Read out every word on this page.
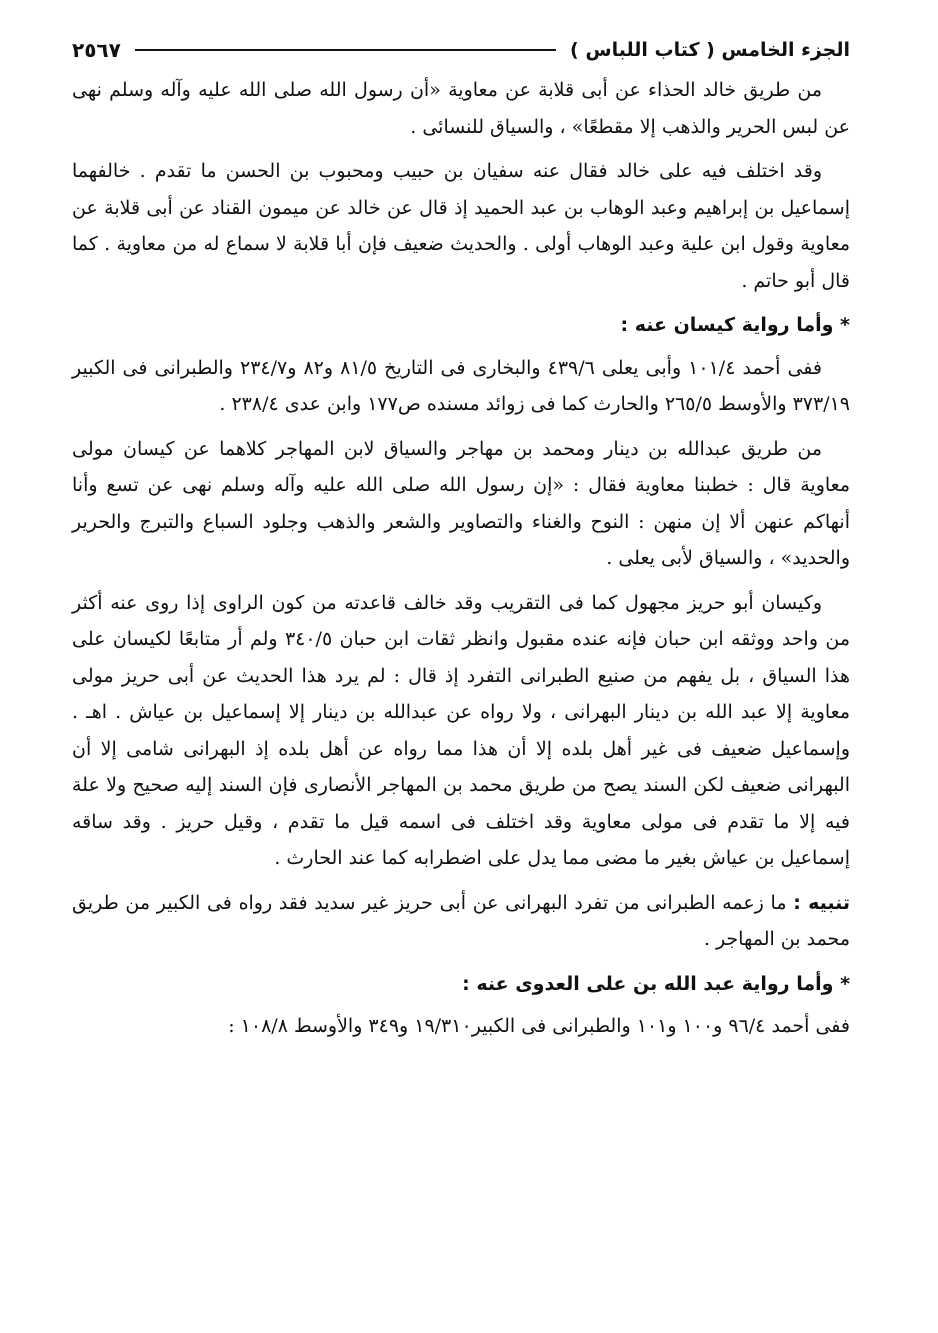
الجزء الخامس ( كتاب اللباس )
٢٥٦٧

من طريق خالد الحذاء عن أبى قلابة عن معاوية «أن رسول الله صلى الله عليه وآله وسلم نهى عن لبس الحرير والذهب إلا مقطعًا» ، والسياق للنسائى .

وقد اختلف فيه على خالد فقال عنه سفيان بن حبيب ومحبوب بن الحسن ما تقدم . خالفهما إسماعيل بن إبراهيم وعبد الوهاب بن عبد الحميد إذ قال عن خالد عن ميمون القناد عن أبى قلابة عن معاوية وقول ابن علية وعبد الوهاب أولى . والحديث ضعيف فإن أبا قلابة لا سماع له من معاوية . كما قال أبو حاتم .

* وأما رواية كيسان عنه :

ففى أحمد ١٠١/٤ وأبى يعلى ٤٣٩/٦ والبخارى فى التاريخ ٨١/٥ و٨٢ و٢٣٤/٧ والطبرانى فى الكبير ٣٧٣/١٩ والأوسط ٢٦٥/٥ والحارث كما فى زوائد مسنده ص١٧٧ وابن عدى ٢٣٨/٤ .

من طريق عبدالله بن دينار ومحمد بن مهاجر والسياق لابن المهاجر كلاهما عن كيسان مولى معاوية قال : خطبنا معاوية فقال : «إن رسول الله صلى الله عليه وآله وسلم نهى عن تسع وأنا أنهاكم عنهن ألا إن منهن : النوح والغناء والتصاوير والشعر والذهب وجلود السباع والتبرج والحرير والحديد» ، والسياق لأبى يعلى .

وكيسان أبو حريز مجهول كما فى التقريب وقد خالف قاعدته من كون الراوى إذا روى عنه أكثر من واحد ووثقه ابن حبان فإنه عنده مقبول وانظر ثقات ابن حبان ٣٤٠/٥ ولم أر متابعًا لكيسان على هذا السياق ، بل يفهم من صنيع الطبرانى التفرد إذ قال : لم يرد هذا الحديث عن أبى حريز مولى معاوية إلا عبد الله بن دينار البهرانى ، ولا رواه عن عبدالله بن دينار إلا إسماعيل بن عياش . اهـ . وإسماعيل ضعيف فى غير أهل بلده إلا أن هذا مما رواه عن أهل بلده إذ البهرانى شامى إلا أن البهرانى ضعيف لكن السند يصح من طريق محمد بن المهاجر الأنصارى فإن السند إليه صحيح ولا علة فيه إلا ما تقدم فى مولى معاوية وقد اختلف فى اسمه قيل ما تقدم ، وقيل حريز . وقد ساقه إسماعيل بن عياش بغير ما مضى مما يدل على اضطرابه كما عند الحارث .

تنبيه : ما زعمه الطبرانى من تفرد البهرانى عن أبى حريز غير سديد فقد رواه فى الكبير من طريق محمد بن المهاجر .

* وأما رواية عبد الله بن على العدوى عنه :

ففى أحمد ٩٦/٤ و١٠٠ و١٠١ والطبرانى فى الكبير١٩/٣١٠ و٣٤٩ والأوسط ١٠٨/٨ :
